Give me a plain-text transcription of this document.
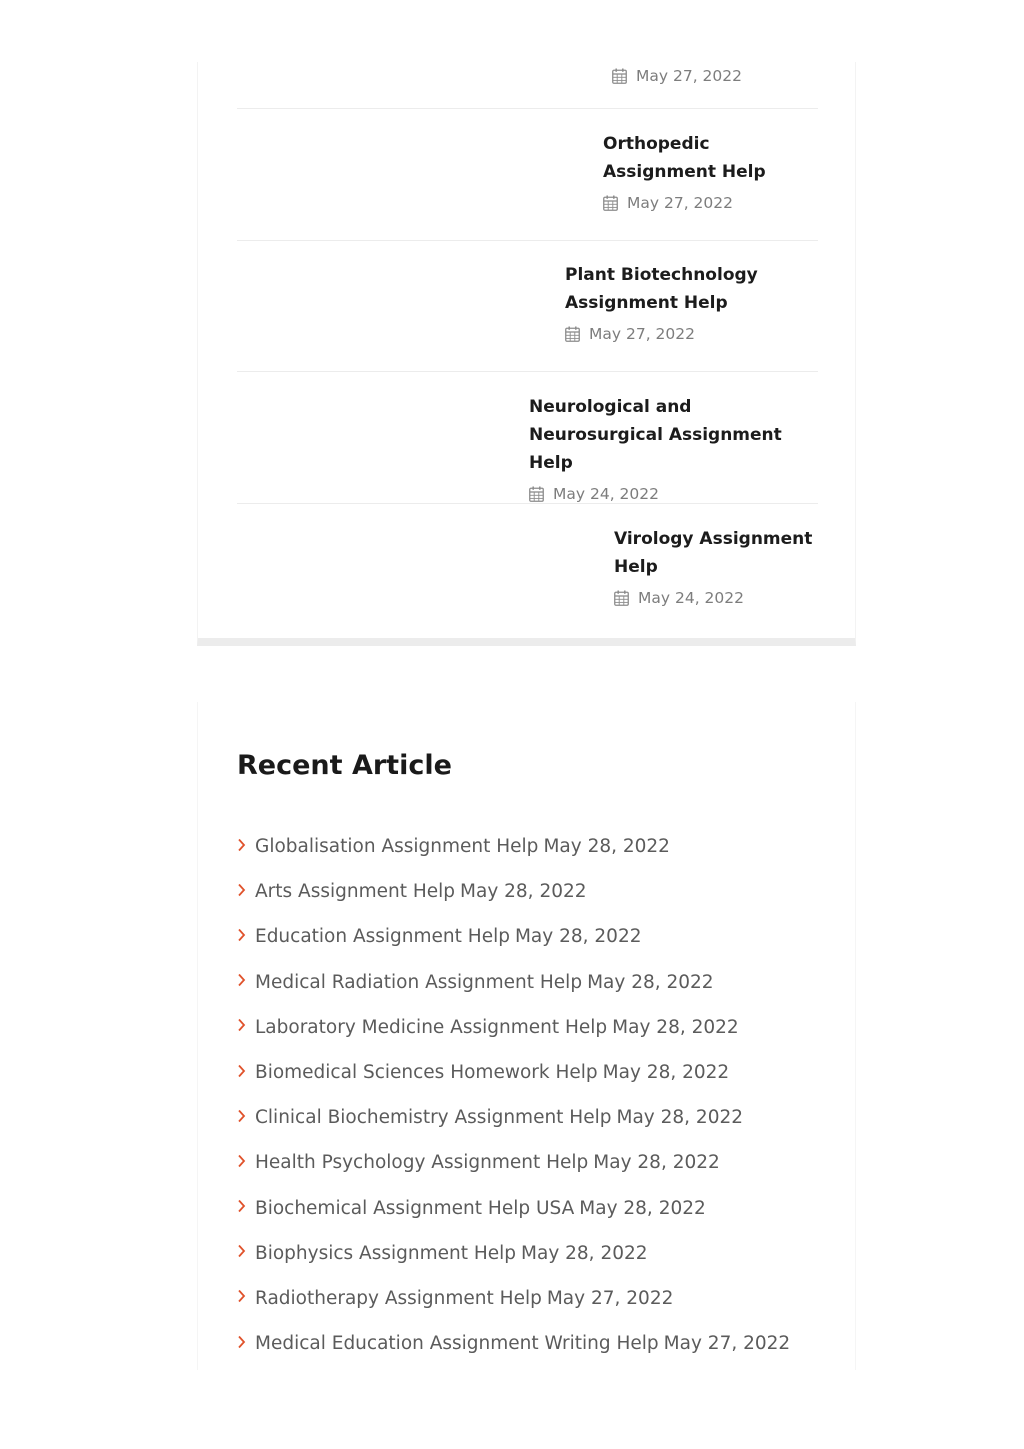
May 27, 2022
Orthopedic Assignment Help
May 27, 2022
Plant Biotechnology Assignment Help
May 27, 2022
Neurological and Neurosurgical Assignment Help
May 24, 2022
Virology Assignment Help
May 24, 2022
Recent Article
Globalisation Assignment Help May 28, 2022
Arts Assignment Help May 28, 2022
Education Assignment Help May 28, 2022
Medical Radiation Assignment Help May 28, 2022
Laboratory Medicine Assignment Help May 28, 2022
Biomedical Sciences Homework Help May 28, 2022
Clinical Biochemistry Assignment Help May 28, 2022
Health Psychology Assignment Help May 28, 2022
Biochemical Assignment Help USA May 28, 2022
Biophysics Assignment Help May 28, 2022
Radiotherapy Assignment Help May 27, 2022
Medical Education Assignment Writing Help May 27, 2022
